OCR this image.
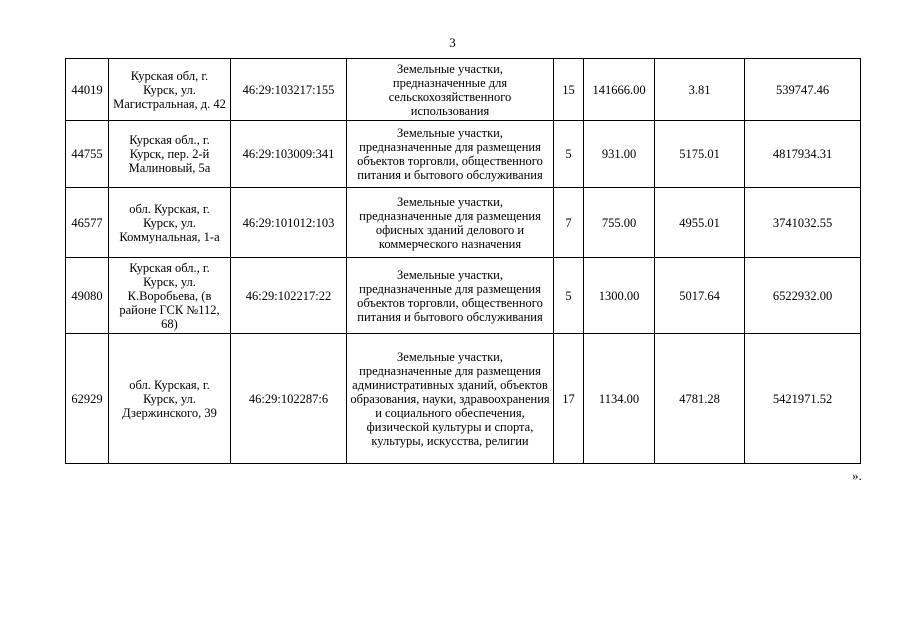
3
44019	Курская обл, г. Курск, ул. Магистральная, д. 42	46:29:103217:155	Земельные участки, предназначенные для сельскохозяйственного использования	15	141666.00	3.81	539747.46
44755	Курская обл., г. Курск, пер. 2-й Малиновый, 5а	46:29:103009:341	Земельные участки, предназначенные для размещения объектов торговли, общественного питания и бытового обслуживания	5	931.00	5175.01	4817934.31
46577	обл. Курская, г. Курск, ул. Коммунальная, 1-а	46:29:101012:103	Земельные участки, предназначенные для размещения офисных зданий делового и коммерческого назначения	7	755.00	4955.01	3741032.55
49080	Курская обл., г. Курск, ул. К.Воробьева, (в районе ГСК №112, 68)	46:29:102217:22	Земельные участки, предназначенные для размещения объектов торговли, общественного питания и бытового обслуживания	5	1300.00	5017.64	6522932.00
62929	обл. Курская, г. Курск, ул. Дзержинского, 39	46:29:102287:6	Земельные участки, предназначенные для размещения административных зданий, объектов образования, науки, здравоохранения и социального обеспечения, физической культуры и спорта, культуры, искусства, религии	17	1134.00	4781.28	5421971.52
».
